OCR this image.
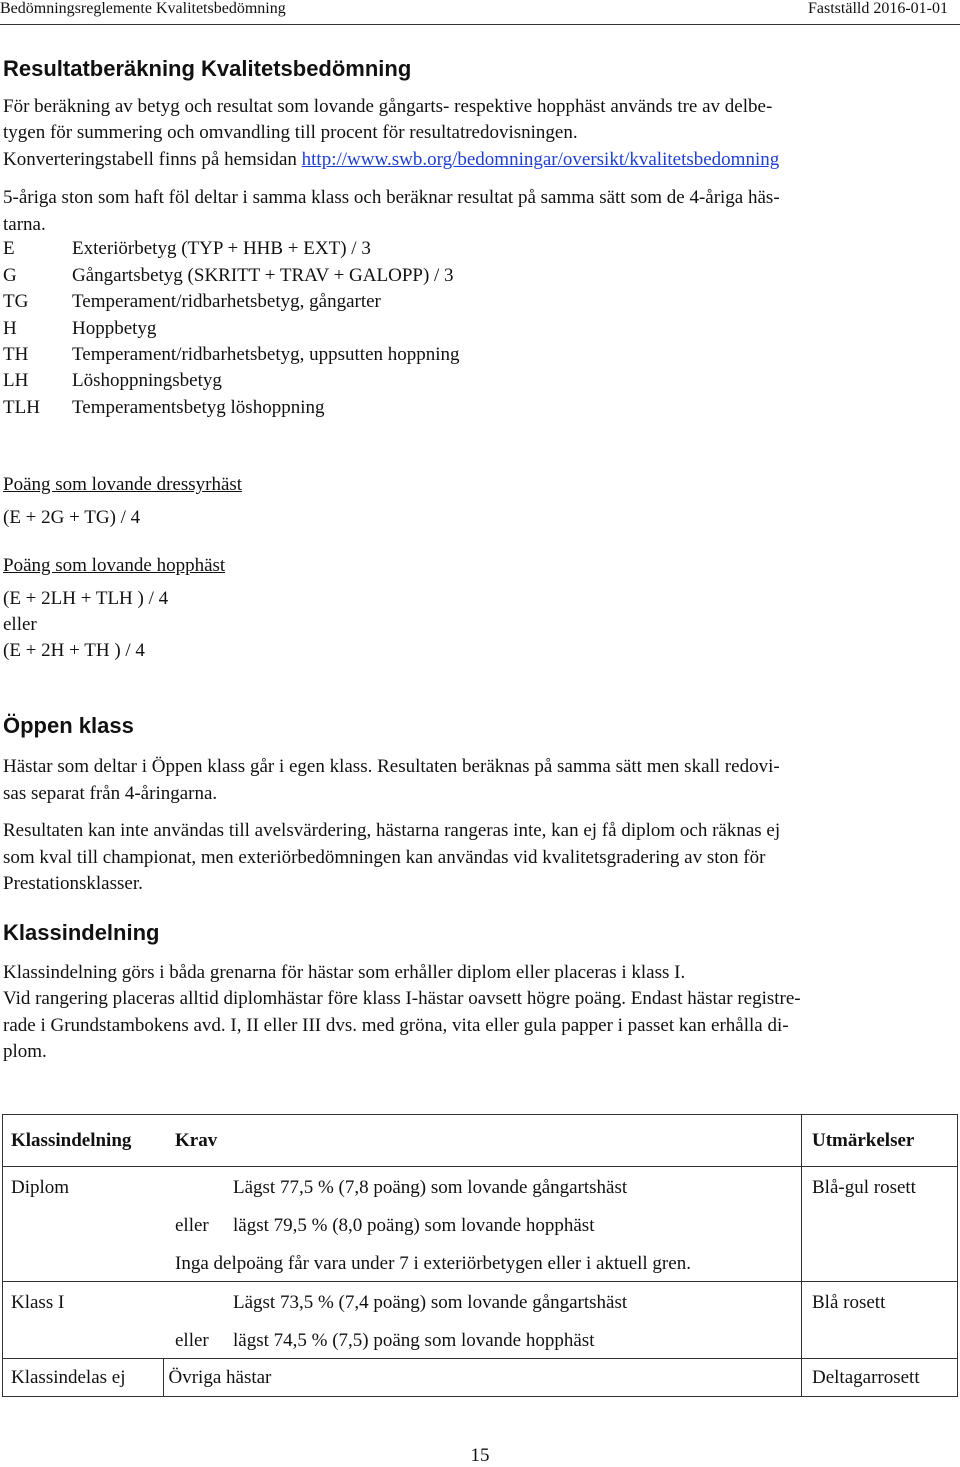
Bedömningsreglemente Kvalitetsbedömning	Fastställd 2016-01-01
Resultatberäkning Kvalitetsbedömning
För beräkning av betyg och resultat som lovande gångarts- respektive hopphäst används tre av delbe-
tygen för summering och omvandling till procent för resultatredovisningen.
Konverteringstabell finns på hemsidan http://www.swb.org/bedomningar/oversikt/kvalitetsbedomning
5-åriga ston som haft föl deltar i samma klass och beräknar resultat på samma sätt som de 4-åriga häs-
tarna.
E	Exteriörbetyg (TYP + HHB + EXT) / 3
G	Gångartsbetyg (SKRITT + TRAV + GALOPP) / 3
TG Temperament/ridbarhetsbetyg, gångarter
H	Hoppbetyg
TH Temperament/ridbarhetsbetyg, uppsutten hoppning
LH Löshoppningsbetyg
TLH Temperamentsbetyg löshoppning
Poäng som lovande dressyrhäst
(E + 2G + TG) / 4
Poäng som lovande hopphäst
(E + 2LH + TLH ) / 4
eller
(E + 2H + TH ) / 4
Öppen klass
Hästar som deltar i Öppen klass går i egen klass. Resultaten beräknas på samma sätt men skall redovi-
sas separat från 4-åringarna.
Resultaten kan inte användas till avelsvärdering, hästarna rangeras inte, kan ej få diplom och räknas ej
som kval till championat, men exteriörbedömningen kan användas vid kvalitetsgradering av ston för
Prestationsklasser.
Klassindelning
Klassindelning görs i båda grenarna för hästar som erhåller diplom eller placeras i klass I.
Vid rangering placeras alltid diplomhästar före klass I-hästar oavsett högre poäng. Endast hästar registre-
rade i Grundstambokens avd. I, II eller III dvs. med gröna, vita eller gula papper i passet kan erhålla di-
plom.
Klassindelning	Krav	Utmärkelser

Diplom	Lägst 77,5 % (7,8 poäng) som lovande gångartshäst
eller lägst 79,5 % (8,0 poäng) som lovande hopphäst
Inga delpoäng får vara under 7 i exteriörbetygen eller i aktuell gren.	Blå-gul rosett

Klass I	Lägst 73,5 % (7,4 poäng) som lovande gångartshäst
eller lägst 74,5 % (7,5) poäng som lovande hopphäst	Blå rosett

Klassindelas ej	Övriga hästar	Deltagarrosett
15
